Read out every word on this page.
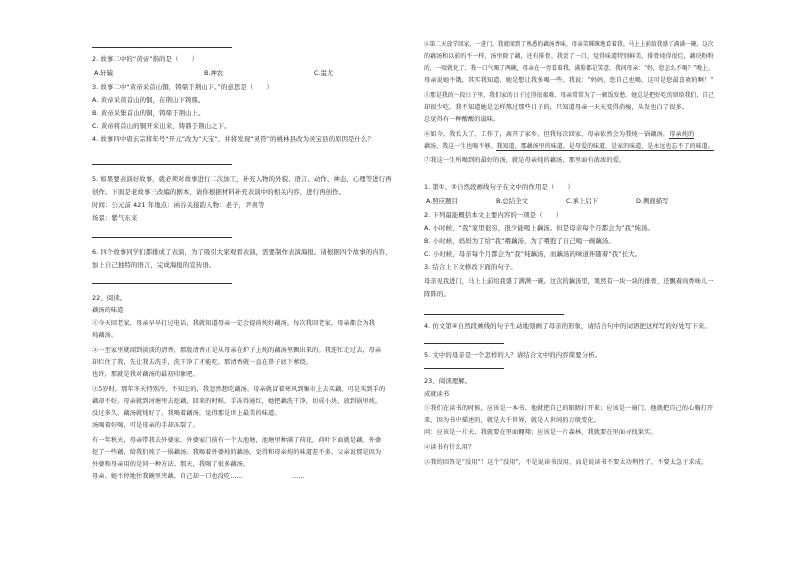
2. 故事二中的“黄帝”指的是（　　）
A.轩辕	B.神农	C.蚩尤
3. 故事二中“黄帝采首山铜，铸鼎于荆山下。”的意思是（　　）
A. 黄帝采黄首山的铜，在荆山下铸鼎。
B. 黄帝采集首山的铜，铸鼎于荆山上。
C. 黄帝将首山的铜开采出来，铸鼎于荆山之下。
4. 故事四中唐玄宗将年号“开元”改为“天宝”，并将发现“灵符”的桃林县改为灵宝县的原因是什么？
5. 如果要表演好故事，就必须对故事进行二次加工，补充人物的外貌、语言、动作、神态、心理等进行再
创作。下面是老故事三改编的剧本，请你根据材料补充表演中的相关内容，进行再创作。
时间：公元前 421 年地点：函谷关接韵人物：老子，尹喜等
场景：紫气东来
6. 四个故事同学们都排成了表演，为了吸引大家观看表演，需要制作表演海报。请根据四个故事的内容，
加上自己独特的语言，完成海报的宣传语。
22、阅读。
藕汤的味道
①今天回老家，母亲早早打过电话，我就知道母亲一定会提前炖好藕汤。每次我回老家，母亲都会为我
炖藕汤。
②一至家里就闻到淡淡的清香，那股清香正是从母亲在炉子上炖的藕汤里飘出来的。我连忙走过去，母亲
却拦住了我，先让我去洗手，洗干净了才能吃。那清香就一直在鼻子底下萦绕。
也许，那就是我对藕汤的最初印象吧。
③5岁时，那年冬天特别冷，不知怎的，我忽然想吃藕汤。母亲就冒着寒风到集市上去买藕，可是买到手的
藕却不好。母亲就到河塘里去挖藕，回来的时候，手冻得通红，她把藕洗干净，切成小块，放到锅里炖。
没过多久，藕汤就炖好了。我喝着藕汤，觉得那是世上最美的味道。
汤喝着好喝，可是母亲的手却冻裂了。
有一年秋天，母亲带我去外婆家。外婆家门前有一个大池塘，池塘里种满了荷花，荷叶下面就是藕。外婆
挖了一些藕，给我们炖了一锅藕汤。我喝着外婆炖的藕汤，觉得和母亲炖的味道差不多。父亲说那是因为
外婆和母亲用的是同一种方法。那天，我喝了很多藕汤。
母亲。她不停地往我碗里夹藕，自己却一口也没吃……	……
④第二天放学回家，一进门，我就闻到了熟悉的藕汤香味，母亲笑眯眯地看着我。马上上前给我盛了满满一碗。这次
的藕汤和以前的不一样，汤里除了藕，还有排骨。我尝了一口，觉得味道特别鲜美，排骨炖得很烂，藕块粉粉
的，一咬就化了。我一口气喝了两碗，母亲在一旁看着我，满脸都是笑意。我问母亲：“妈，您怎么不喝？”晚上，
母亲说她不饿，其实我知道，她是想让我多喝一些。我说：“妈妈，您自己也喝，这可是您最喜欢的啊！”
⑤那是我的一段日子里，我们家的日子过得很艰难，母亲常常为了一顿饭发愁。她总是把好吃的留给我们，自己
却很少吃。我不知道她是怎样熬过那些日子的，只知道母亲一天天变得消瘦，头发也白了很多。
总觉得有一种酸酸的滋味。
⑥如今，我长大了，工作了，离开了家乡。但我每次回家，母亲依然会为我炖一锅藕汤，母亲炖的
藕汤，我这一生也喝不够。我知道，那藕汤里的味道，是母爱的味道，是家的味道，是永远也忘不了的味道。
⑦我这一生所喝到的最好的汤，就是母亲炖的藕汤，那里面有浓浓的爱。
1. 第①、②自然段画线句子在文中的作用是（　　）
A.照应题目	B.总结全文	C.承上启下	D.侧面描写
2. 下列最能概括本文主要内容的一项是（　　）
A. 小时候，“我”家里很穷，很少能喝上藕汤。但是母亲每个月都会为“我”炖汤。
B. 小时候，妈妈为了给“我”喂藕汤，为了喂饱了自己喝一碗藕汤。
C. 小时候，母亲每个月都会为“我”炖藕汤，而藕汤的味道伴随着“我”长大。
3. 结合上下文修改下面的句子。
母亲见我进门，马上上前给我盛了满满一碗。这次的藕汤里，果然有一块一块的排骨，还飘着肉香味儿一
阵阵的。
4. 仿文第④自然段画线的句子生动地刻画了母亲的形象，请结合句中的词语把这样写的好处写下来。
5. 文中的母亲是一个怎样的人？请结合文中的内容简要分析。
23、阅读理解。
成就读书
①我们在读书的时候，应该是一本书、他就把自己的眼睛打开来；应该是一扇门、他就把自己的心胸打开
来，因为书中描述的，就是大千世界，就是人世间的万般变化。
问：应该是一片天，我就要在里面翱翔；应该是一片森林，我就要在里面寻找果实。
②读书有什么用？
③我的回答是“没用”！这个“没用”，不是说读书没用，而是说读书不要太功利性了，不要太急于求成。
